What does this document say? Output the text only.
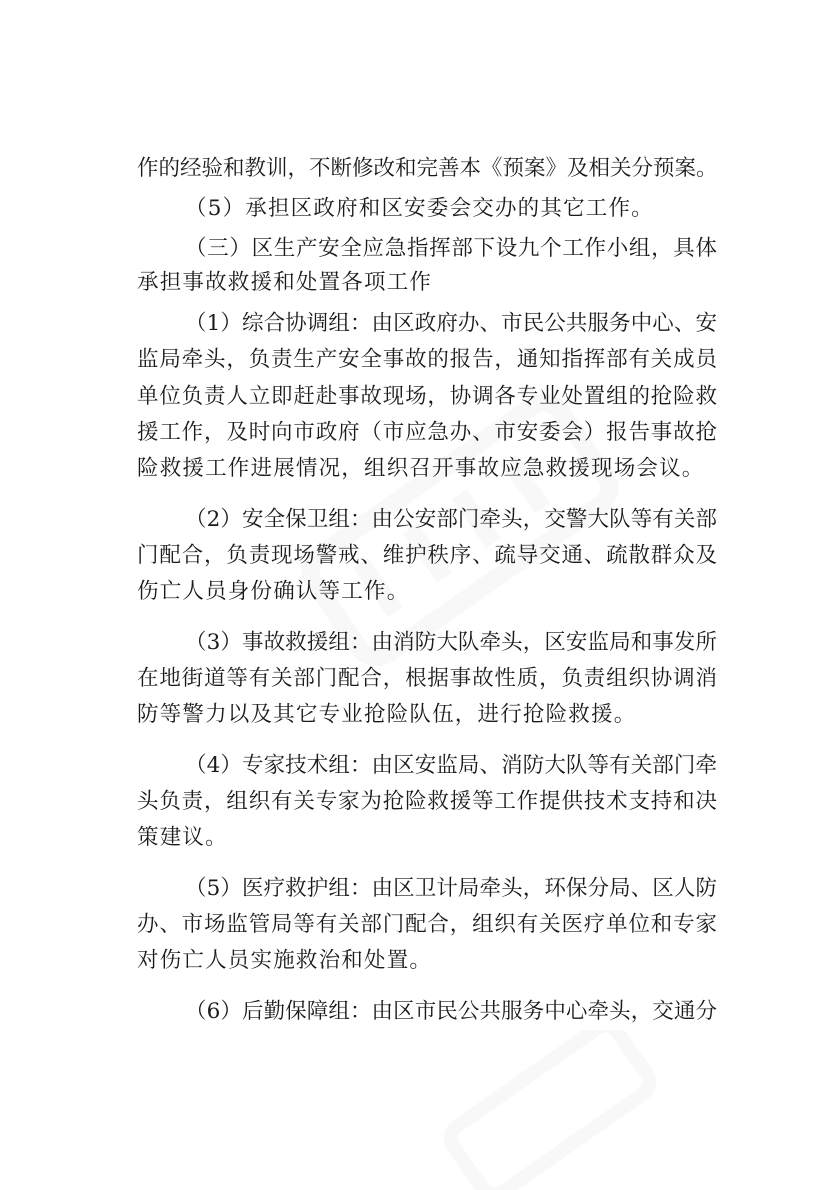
作的经验和教训，不断修改和完善本《预案》及相关分预案。
（5）承担区政府和区安委会交办的其它工作。
（三）区生产安全应急指挥部下设九个工作小组，具体
承担事故救援和处置各项工作
（1）综合协调组：由区政府办、市民公共服务中心、安
监局牵头，负责生产安全事故的报告，通知指挥部有关成员
单位负责人立即赶赴事故现场，协调各专业处置组的抢险救
援工作，及时向市政府（市应急办、市安委会）报告事故抢
险救援工作进展情况，组织召开事故应急救援现场会议。
（2）安全保卫组：由公安部门牵头，交警大队等有关部
门配合，负责现场警戒、维护秩序、疏导交通、疏散群众及
伤亡人员身份确认等工作。
（3）事故救援组：由消防大队牵头，区安监局和事发所
在地街道等有关部门配合，根据事故性质，负责组织协调消
防等警力以及其它专业抢险队伍，进行抢险救援。
（4）专家技术组：由区安监局、消防大队等有关部门牵
头负责，组织有关专家为抢险救援等工作提供技术支持和决
策建议。
（5）医疗救护组：由区卫计局牵头，环保分局、区人防
办、市场监管局等有关部门配合，组织有关医疗单位和专家
对伤亡人员实施救治和处置。
（6）后勤保障组：由区市民公共服务中心牵头，交通分
